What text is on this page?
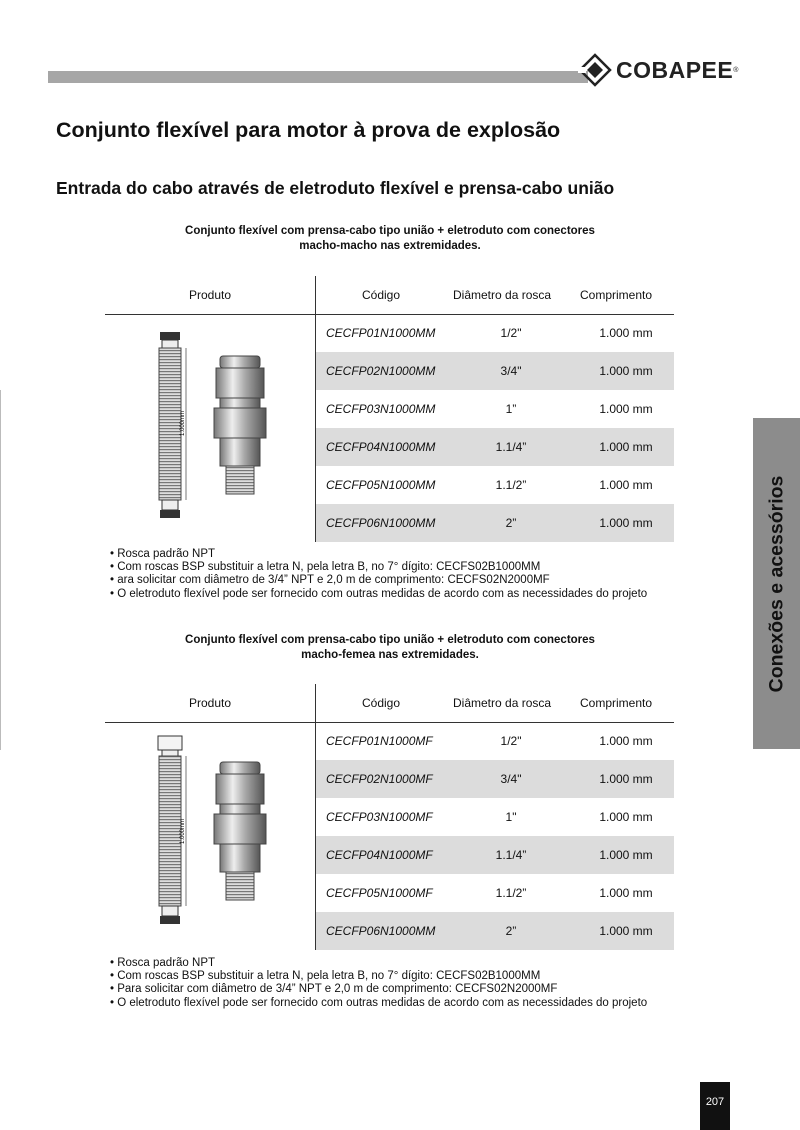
COBAPEE ®
Conjunto flexível para motor à prova de explosão
Entrada do cabo através de eletroduto flexível e prensa-cabo união
Conjunto flexível com prensa-cabo tipo união + eletroduto com conectores
macho-macho nas extremidades.
Produto	Código	Diâmetro da rosca Comprimento
CECFP01N1000MM	1/2"	1.000 mm
CECFP02N1000MM	3/4"	1.000 mm
CECFP03N1000MM	1”	1.000 mm
CECFP04N1000MM	1.1/4”	1.000 mm
CECFP05N1000MM	1.1/2”	1.000 mm
CECFP06N1000MM	2”	1.000 mm
1.000mm
• Rosca padrão NPT
• Com roscas BSP substituir a letra N, pela letra B, no 7° dígito: CECFS02B1000MM
• ara solicitar com diâmetro de 3/4” NPT e 2,0 m de comprimento: CECFS02N2000MF
• O eletroduto flexível pode ser fornecido com outras medidas de acordo com as necessidades do projeto
Conjunto flexível com prensa-cabo tipo união + eletroduto com conectores
macho-femea nas extremidades.
Produto	Código	Diâmetro da rosca Comprimento
CECFP01N1000MF	1/2"	1.000 mm
CECFP02N1000MF	3/4"	1.000 mm
CECFP03N1000MF	1"	1.000 mm
CECFP04N1000MF	1.1/4”	1.000 mm
CECFP05N1000MF	1.1/2”	1.000 mm
CECFP06N1000MM	2”	1.000 mm
1.000mm
• Rosca padrão NPT
• Com roscas BSP substituir a letra N, pela letra B, no 7° dígito: CECFS02B1000MM
• Para solicitar com diâmetro de 3/4” NPT e 2,0 m de comprimento: CECFS02N2000MF
• O eletroduto flexível pode ser fornecido com outras medidas de acordo com as necessidades do projeto
Conexões e acessórios
207
